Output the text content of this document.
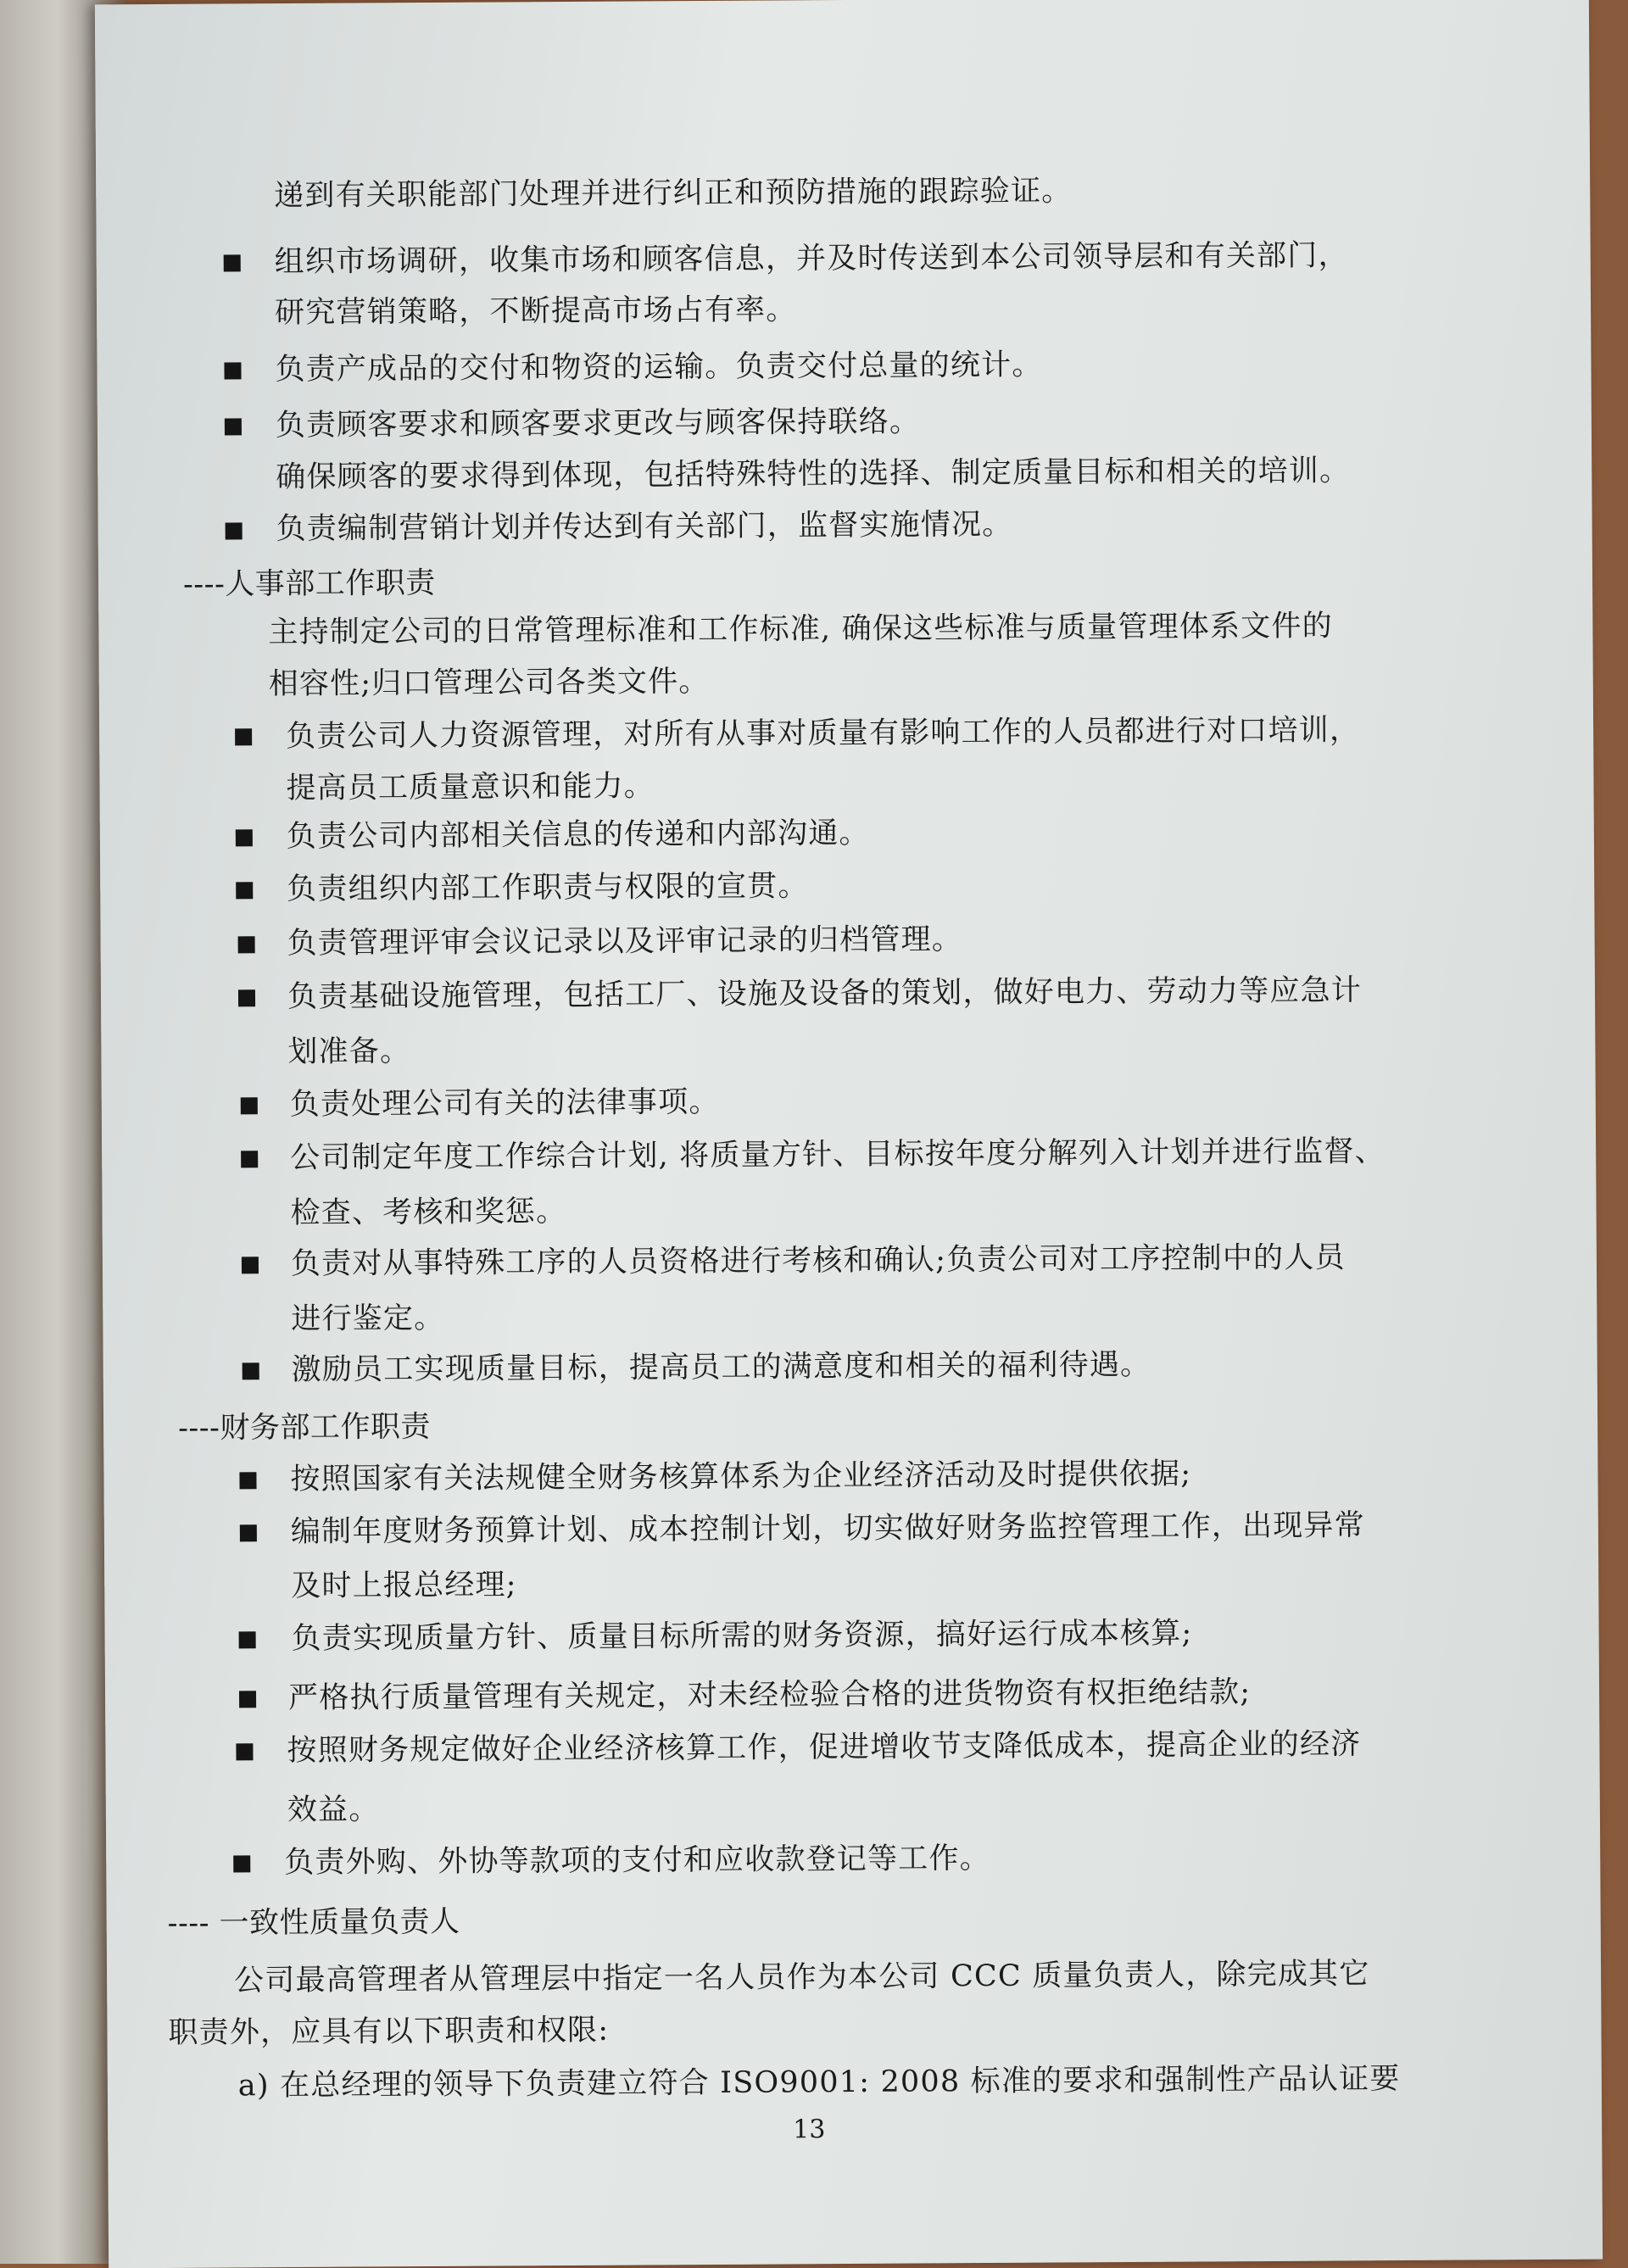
递到有关职能部门处理并进行纠正和预防措施的跟踪验证。
组织市场调研，收集市场和顾客信息，并及时传送到本公司领导层和有关部门，
研究营销策略，不断提高市场占有率。
负责产成品的交付和物资的运输。负责交付总量的统计。
负责顾客要求和顾客要求更改与顾客保持联络。
确保顾客的要求得到体现，包括特殊特性的选择、制定质量目标和相关的培训。
负责编制营销计划并传达到有关部门，监督实施情况。
----人事部工作职责
主持制定公司的日常管理标准和工作标准, 确保这些标准与质量管理体系文件的
相容性;归口管理公司各类文件。
负责公司人力资源管理，对所有从事对质量有影响工作的人员都进行对口培训，
提高员工质量意识和能力。
负责公司内部相关信息的传递和内部沟通。
负责组织内部工作职责与权限的宣贯。
负责管理评审会议记录以及评审记录的归档管理。
负责基础设施管理，包括工厂、设施及设备的策划，做好电力、劳动力等应急计
划准备。
负责处理公司有关的法律事项。
公司制定年度工作综合计划, 将质量方针、目标按年度分解列入计划并进行监督、
检查、考核和奖惩。
负责对从事特殊工序的人员资格进行考核和确认;负责公司对工序控制中的人员
进行鉴定。
激励员工实现质量目标，提高员工的满意度和相关的福利待遇。
----财务部工作职责
按照国家有关法规健全财务核算体系为企业经济活动及时提供依据;
编制年度财务预算计划、成本控制计划，切实做好财务监控管理工作，出现异常
及时上报总经理;
负责实现质量方针、质量目标所需的财务资源，搞好运行成本核算;
严格执行质量管理有关规定，对未经检验合格的进货物资有权拒绝结款;
按照财务规定做好企业经济核算工作，促进增收节支降低成本，提高企业的经济
效益。
负责外购、外协等款项的支付和应收款登记等工作。
---- 一致性质量负责人
公司最高管理者从管理层中指定一名人员作为本公司 CCC 质量负责人，除完成其它
职责外，应具有以下职责和权限:
a) 在总经理的领导下负责建立符合 ISO9001: 2008 标准的要求和强制性产品认证要
13
